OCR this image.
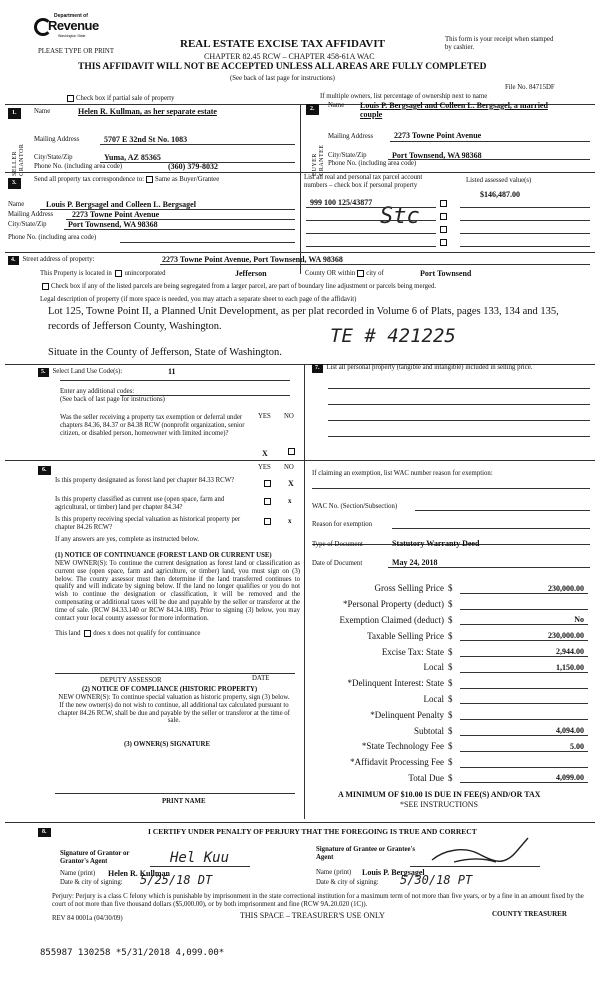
Department of
Revenue
Washington State
PLEASE TYPE OR PRINT
REAL ESTATE EXCISE TAX AFFIDAVIT
CHAPTER 82.45 RCW – CHAPTER 458-61A WAC
This form is your receipt when stamped by cashier.
THIS AFFIDAVIT WILL NOT BE ACCEPTED UNLESS ALL AREAS ARE FULLY COMPLETED
(See back of last page for instructions)
File No. 84715DF
Check box if partial sale of property	If multiple owners, list percentage of ownership next to name
1.	Name	Helen R. Kullman, as her separate estate
SELLER GRANTOR
Mailing Address	5707 E 32nd St No. 1083
City/State/Zip	Yuma, AZ 85365
Phone No. (including area code)	(360) 379-8032
2.	Name Louis P. Bergsagel and Colleen L. Bergsagel, a married couple
BUYER GRANTEE
Mailing Address	2273 Towne Point Avenue
City/State/Zip	Port Townsend, WA 98368
Phone No. (including area code)
3.	Send all property tax correspondence to: Same as Buyer/Grantee	List all real and personal tax parcel account numbers – check box if personal property
Listed assessed value(s)
$146,487.00
Name	Louis P. Bergsagel and Colleen L. Bergsagel
Mailing Address 2273 Towne Point Avenue
City/State/Zip	Port Townsend, WA 98368
Phone No. (including area code)
999 100 125/43877
Stc
4. Street address of property:	2273 Towne Point Avenue, Port Townsend, WA 98368
This Property is located in unincorporated	Jefferson	County OR within city of	Port Townsend
Check box if any of the listed parcels are being segregated from a larger parcel, are part of boundary line adjustment or parcels being merged.
Legal description of property (if more space is needed, you may attach a separate sheet to each page of the affidavit)
Lot 125, Towne Point II, a Planned Unit Development, as per plat recorded in Volume 6 of Plats, pages 133, 134 and 135, records of Jefferson County, Washington.	TE # 421225
Situate in the County of Jefferson, State of Washington.
5. Select Land Use Code(s):	11
Enter any additional codes:
(See back of last page for instructions)
YES NO
Was the seller receiving a property tax exemption or deferral under chapters 84.36, 84.37 or 84.38 RCW (nonprofit organization, senior citizen, or disabled person, homeowner with limited income)?
X
6.	YES NO
Is this property designated as forest land per chapter 84.33 RCW?	X
Is this property classified as current use (open space, farm and agricultural, or timber) land per chapter 84.34?
x
Is this property receiving special valuation as historical property per chapter 84.26 RCW?
x
If any answers are yes, complete as instructed below.
(1) NOTICE OF CONTINUANCE (FOREST LAND OR CURRENT USE)
NEW OWNER(S): To continue the current designation as forest land or classification as current use (open space, farm and agriculture, or timber) land, you must sign on (3) below. The county assessor must then determine if the land transferred continues to qualify and will indicate by signing below. If the land no longer qualifies or you do not wish to continue the designation or classification, it will be removed and the compensating or additional taxes will be due and payable by the seller or transferor at the time of sale. (RCW 84.33.140 or RCW 84.34.108). Prior to signing (3) below, you may contact your local county assessor for more information.
This land does x does not qualify for continuance
DEPUTY ASSESSOR	DATE
(2) NOTICE OF COMPLIANCE (HISTORIC PROPERTY)
NEW OWNER(S): To continue special valuation as historic property, sign (3) below. If the new owner(s) do not wish to continue, all additional tax calculated pursuant to chapter 84.26 RCW, shall be due and payable by the seller or transferor at the time of sale.
(3) OWNER(S) SIGNATURE
PRINT NAME
7. List all personal property (tangible and intangible) included in selling price.
If claiming an exemption, list WAC number reason for exemption:
WAC No. (Section/Subsection)
Reason for exemption
Type of Document	Statutory Warranty Deed
Date of Document	May 24, 2018
Gross Selling Price $	230,000.00
*Personal Property (deduct) $
Exemption Claimed (deduct) $	No
Taxable Selling Price $	230,000.00
Excise Tax: State $	2,944.00
Local $	1,150.00
*Delinquent Interest: State $
Local $
*Delinquent Penalty $
Subtotal $	4,094.00
*State Technology Fee $	5.00
*Affidavit Processing Fee $
Total Due $	4,099.00
A MINIMUM OF $10.00 IS DUE IN FEE(S) AND/OR TAX
*SEE INSTRUCTIONS
8.	I CERTIFY UNDER PENALTY OF PERJURY THAT THE FOREGOING IS TRUE AND CORRECT
Signature of Grantor or Grantor's Agent	Hel Kuu
Name (print) Helen R. Kullman
Date & city of signing: 5/25/18 DT
Signature of Grantee or Grantee's Agent
Name (print) Louis P. Bergsagel
Date & city of signing: 5/30/18 PT
Perjury: Perjury is a class C felony which is punishable by imprisonment in the state correctional institution for a maximum term of not more than five years, or by a fine in an amount fixed by the court of not more than five thousand dollars ($5,000.00), or by both imprisonment and fine (RCW 9A.20.020 (1C)).
REV 84 0001a (04/30/09)	THIS SPACE – TREASURER'S USE ONLY	COUNTY TREASURER
855987 130258 *5/31/2018 4,099.00*
